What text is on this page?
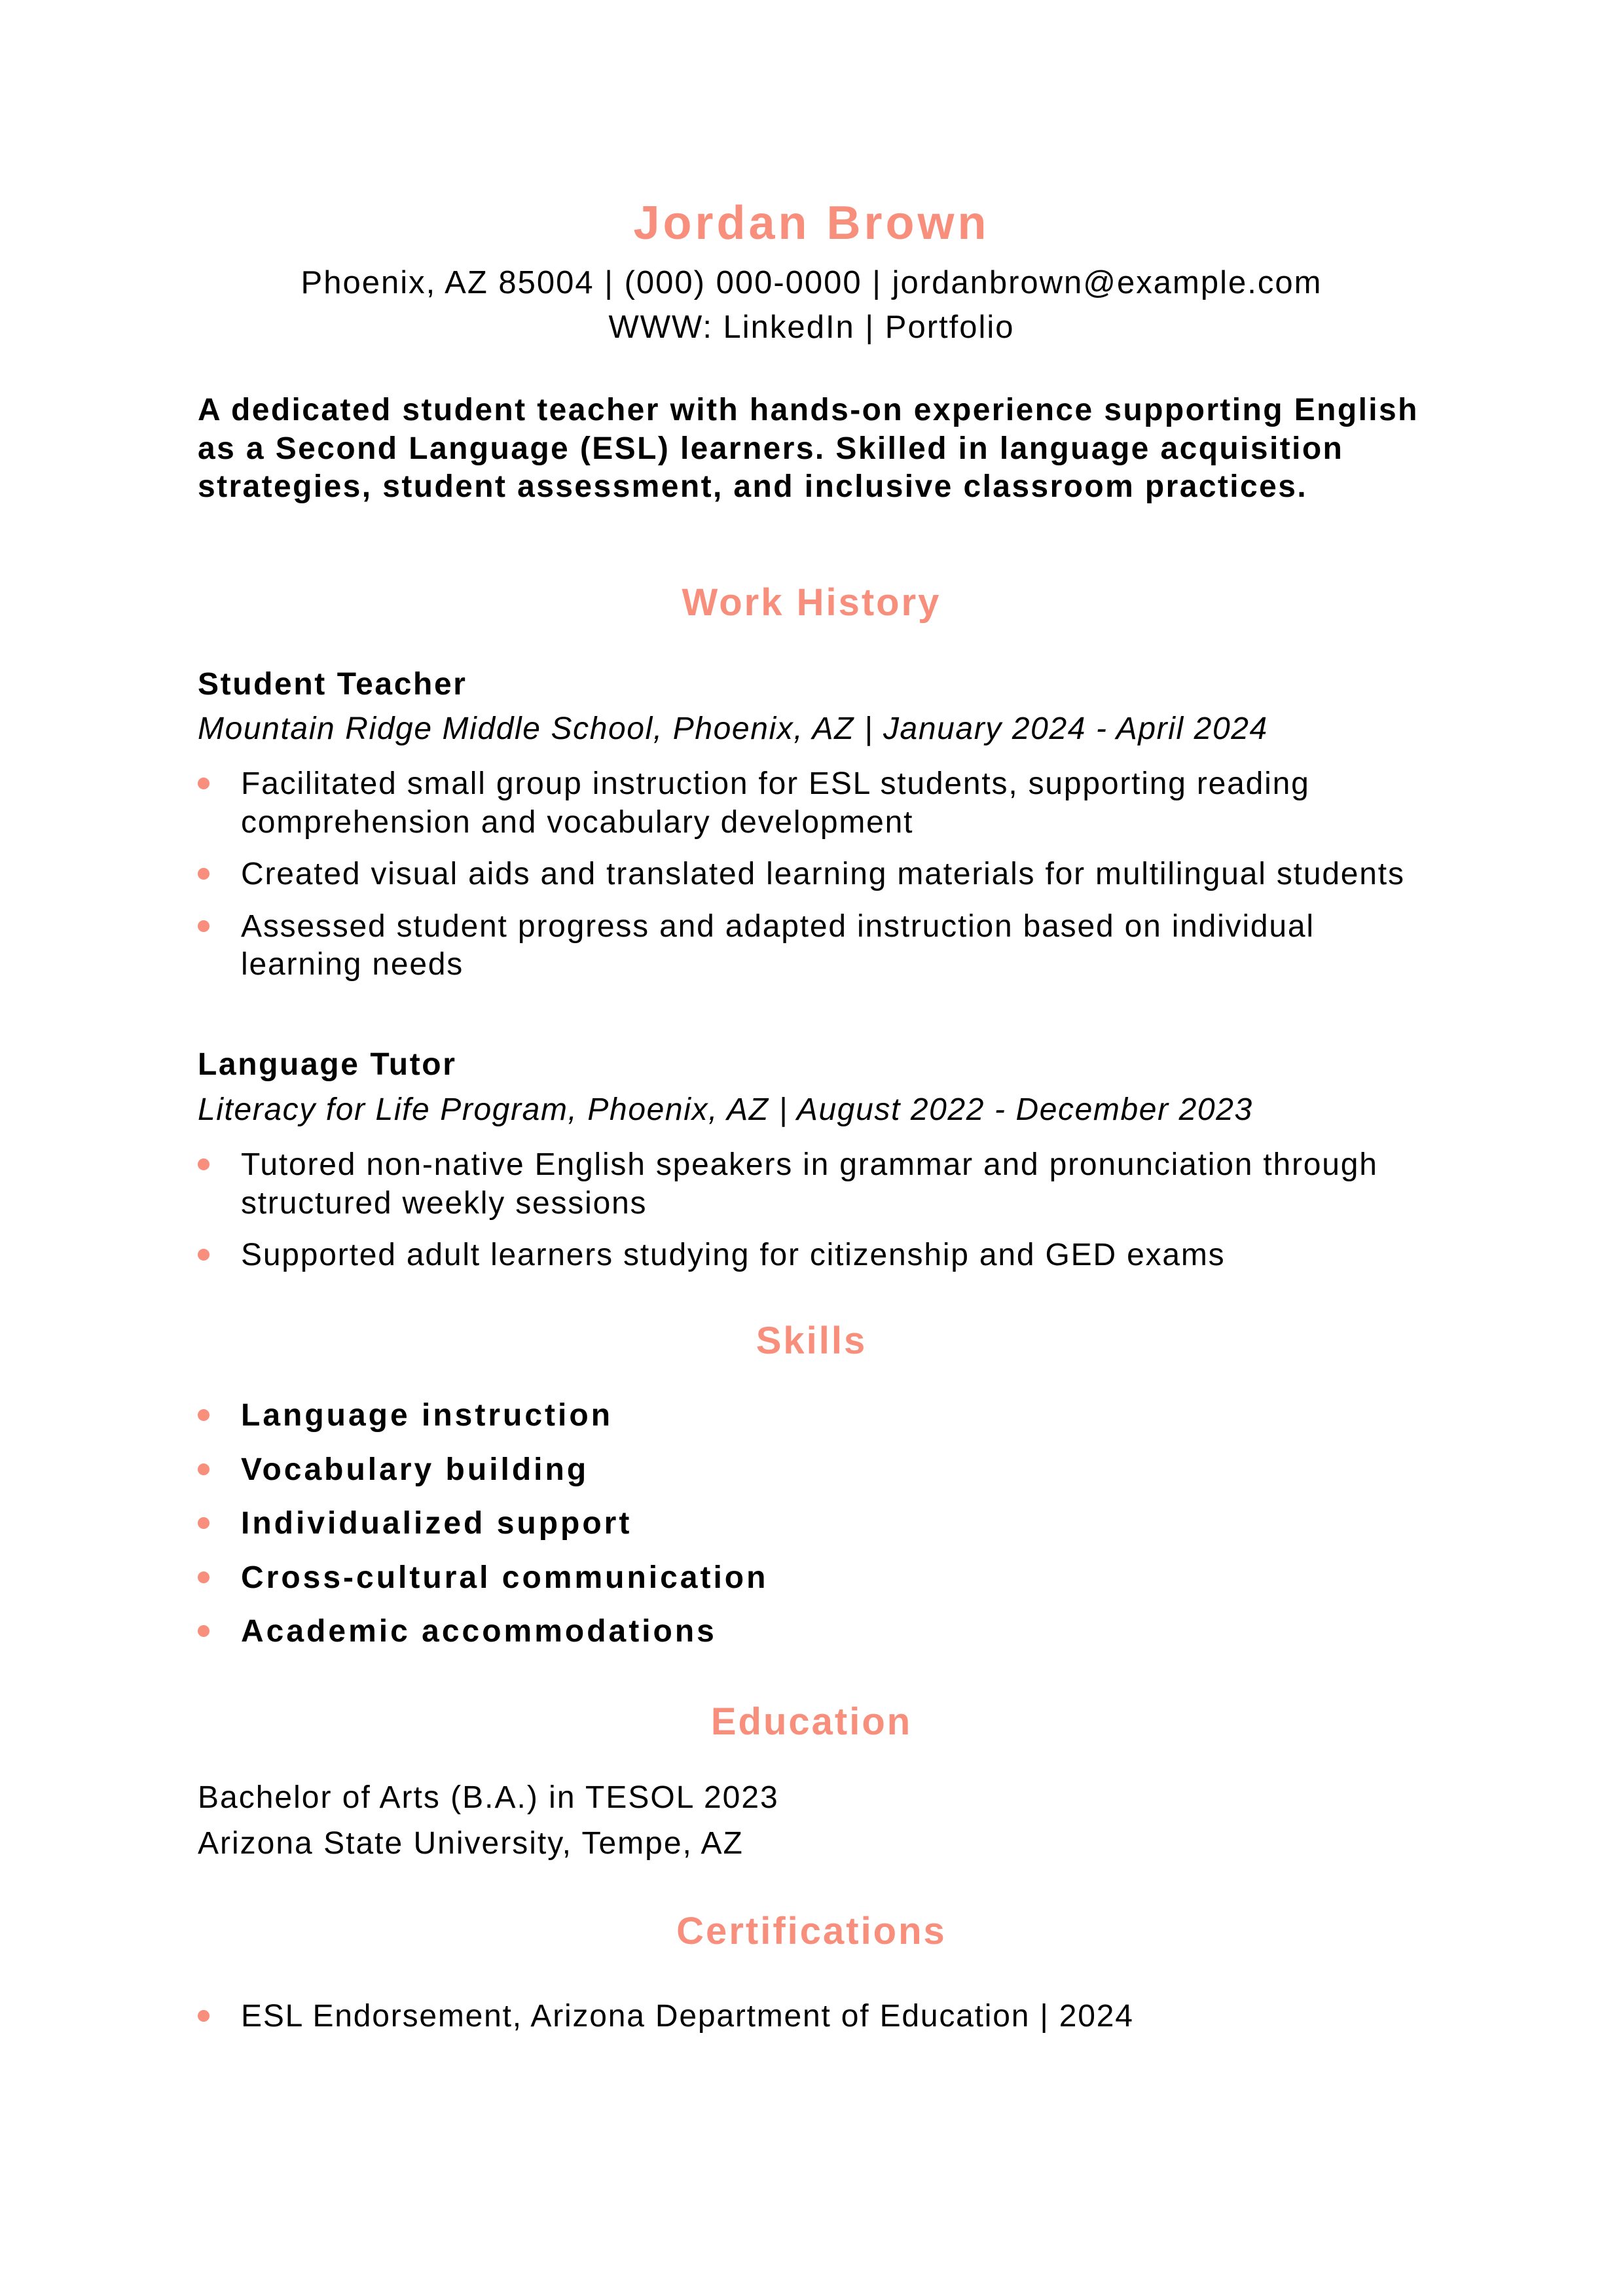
Jordan Brown
Phoenix, AZ 85004 | (000) 000-0000 | jordanbrown@example.com
WWW: LinkedIn | Portfolio
A dedicated student teacher with hands-on experience supporting English as a Second Language (ESL) learners. Skilled in language acquisition strategies, student assessment, and inclusive classroom practices.
Work History
Student Teacher
Mountain Ridge Middle School, Phoenix, AZ | January 2024 - April 2024
Facilitated small group instruction for ESL students, supporting reading comprehension and vocabulary development
Created visual aids and translated learning materials for multilingual students
Assessed student progress and adapted instruction based on individual learning needs
Language Tutor
Literacy for Life Program, Phoenix, AZ | August 2022 - December 2023
Tutored non-native English speakers in grammar and pronunciation through structured weekly sessions
Supported adult learners studying for citizenship and GED exams
Skills
Language instruction
Vocabulary building
Individualized support
Cross-cultural communication
Academic accommodations
Education
Bachelor of Arts (B.A.) in TESOL 2023
Arizona State University, Tempe, AZ
Certifications
ESL Endorsement, Arizona Department of Education | 2024
